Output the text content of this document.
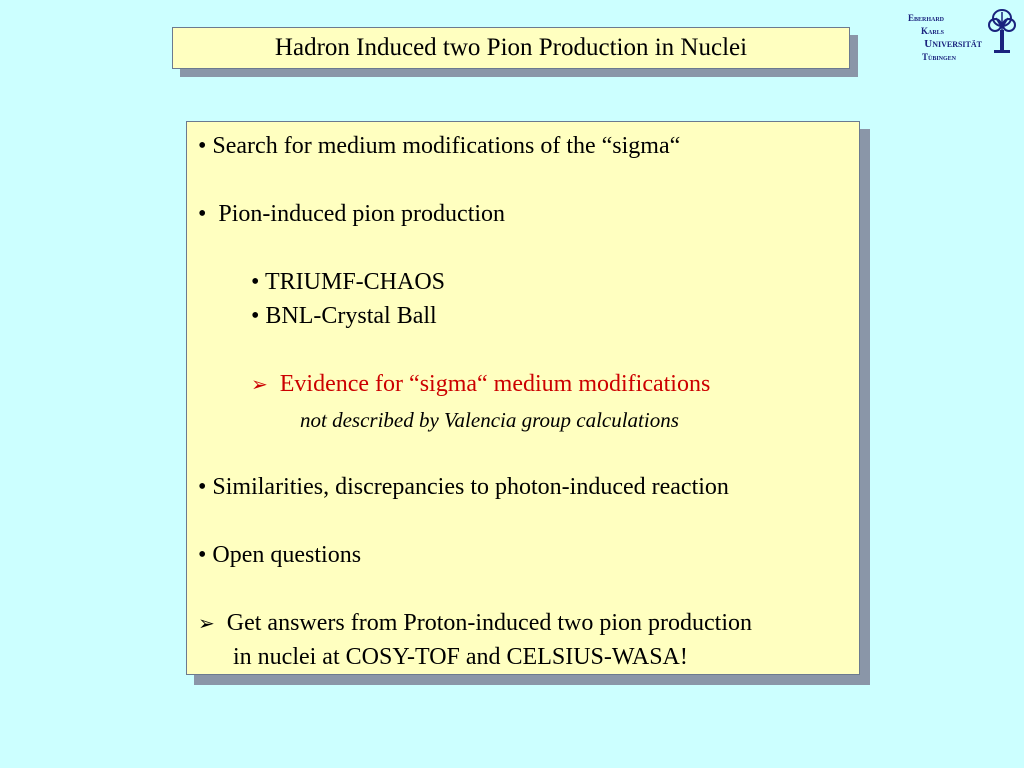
Hadron Induced two Pion Production in Nuclei
Eberhard Karls
Universität
Tübingen
• Search for medium modifications of the “sigma“
• Pion-induced pion production
• TRIUMF-CHAOS
• BNL-Crystal Ball
➢ Evidence for “sigma“ medium modifications
not described by Valencia group calculations
• Similarities, discrepancies to photon-induced reaction
• Open questions
➢ Get answers from Proton-induced two pion production
in nuclei at COSY-TOF and CELSIUS-WASA!
